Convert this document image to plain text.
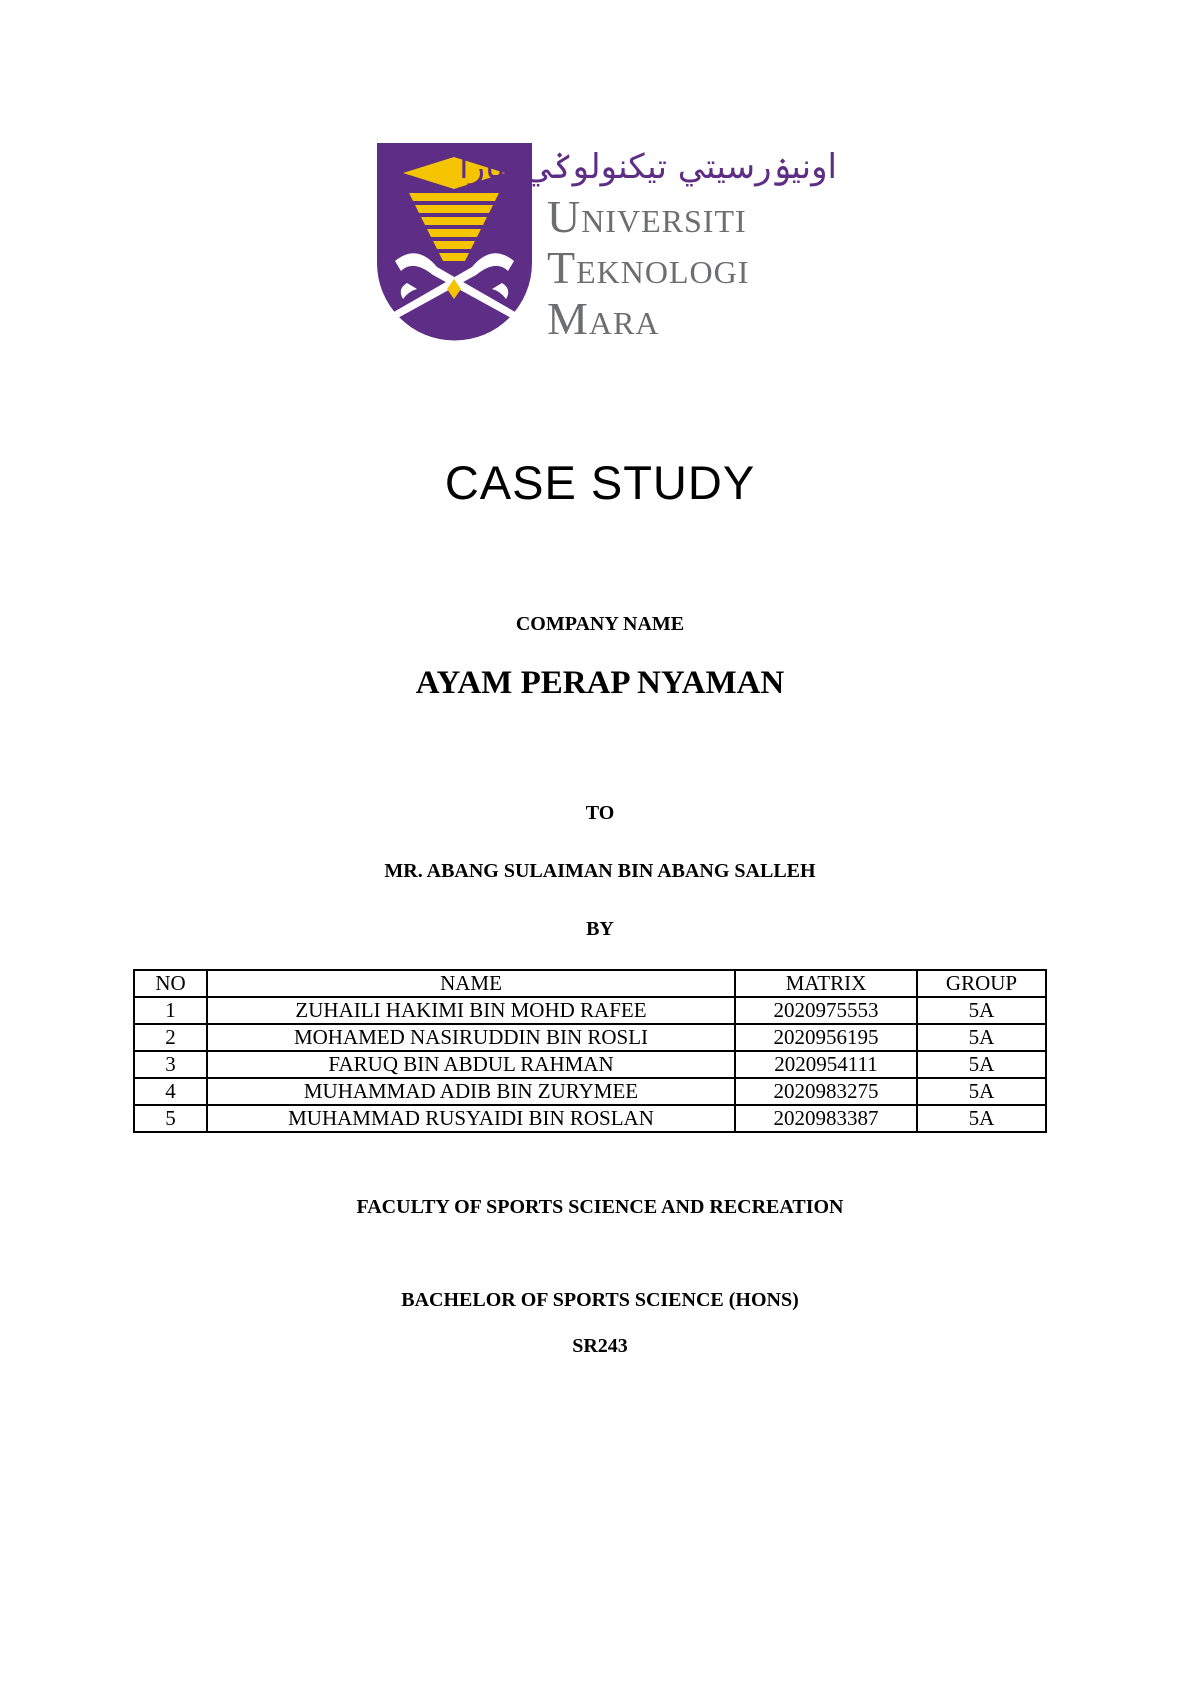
اونيۏرسيتي تيکنولوݢي مارا
Universiti
Teknologi
Mara
CASE STUDY
COMPANY NAME
AYAM PERAP NYAMAN
TO
MR. ABANG SULAIMAN BIN ABANG SALLEH
BY
NO	NAME	MATRIX	GROUP
1	ZUHAILI HAKIMI BIN MOHD RAFEE	2020975553	5A
2	MOHAMED NASIRUDDIN BIN ROSLI	2020956195	5A
3	FARUQ BIN ABDUL RAHMAN	2020954111	5A
4	MUHAMMAD ADIB BIN ZURYMEE	2020983275	5A
5	MUHAMMAD RUSYAIDI BIN ROSLAN	2020983387	5A
FACULTY OF SPORTS SCIENCE AND RECREATION
BACHELOR OF SPORTS SCIENCE (HONS)
SR243
